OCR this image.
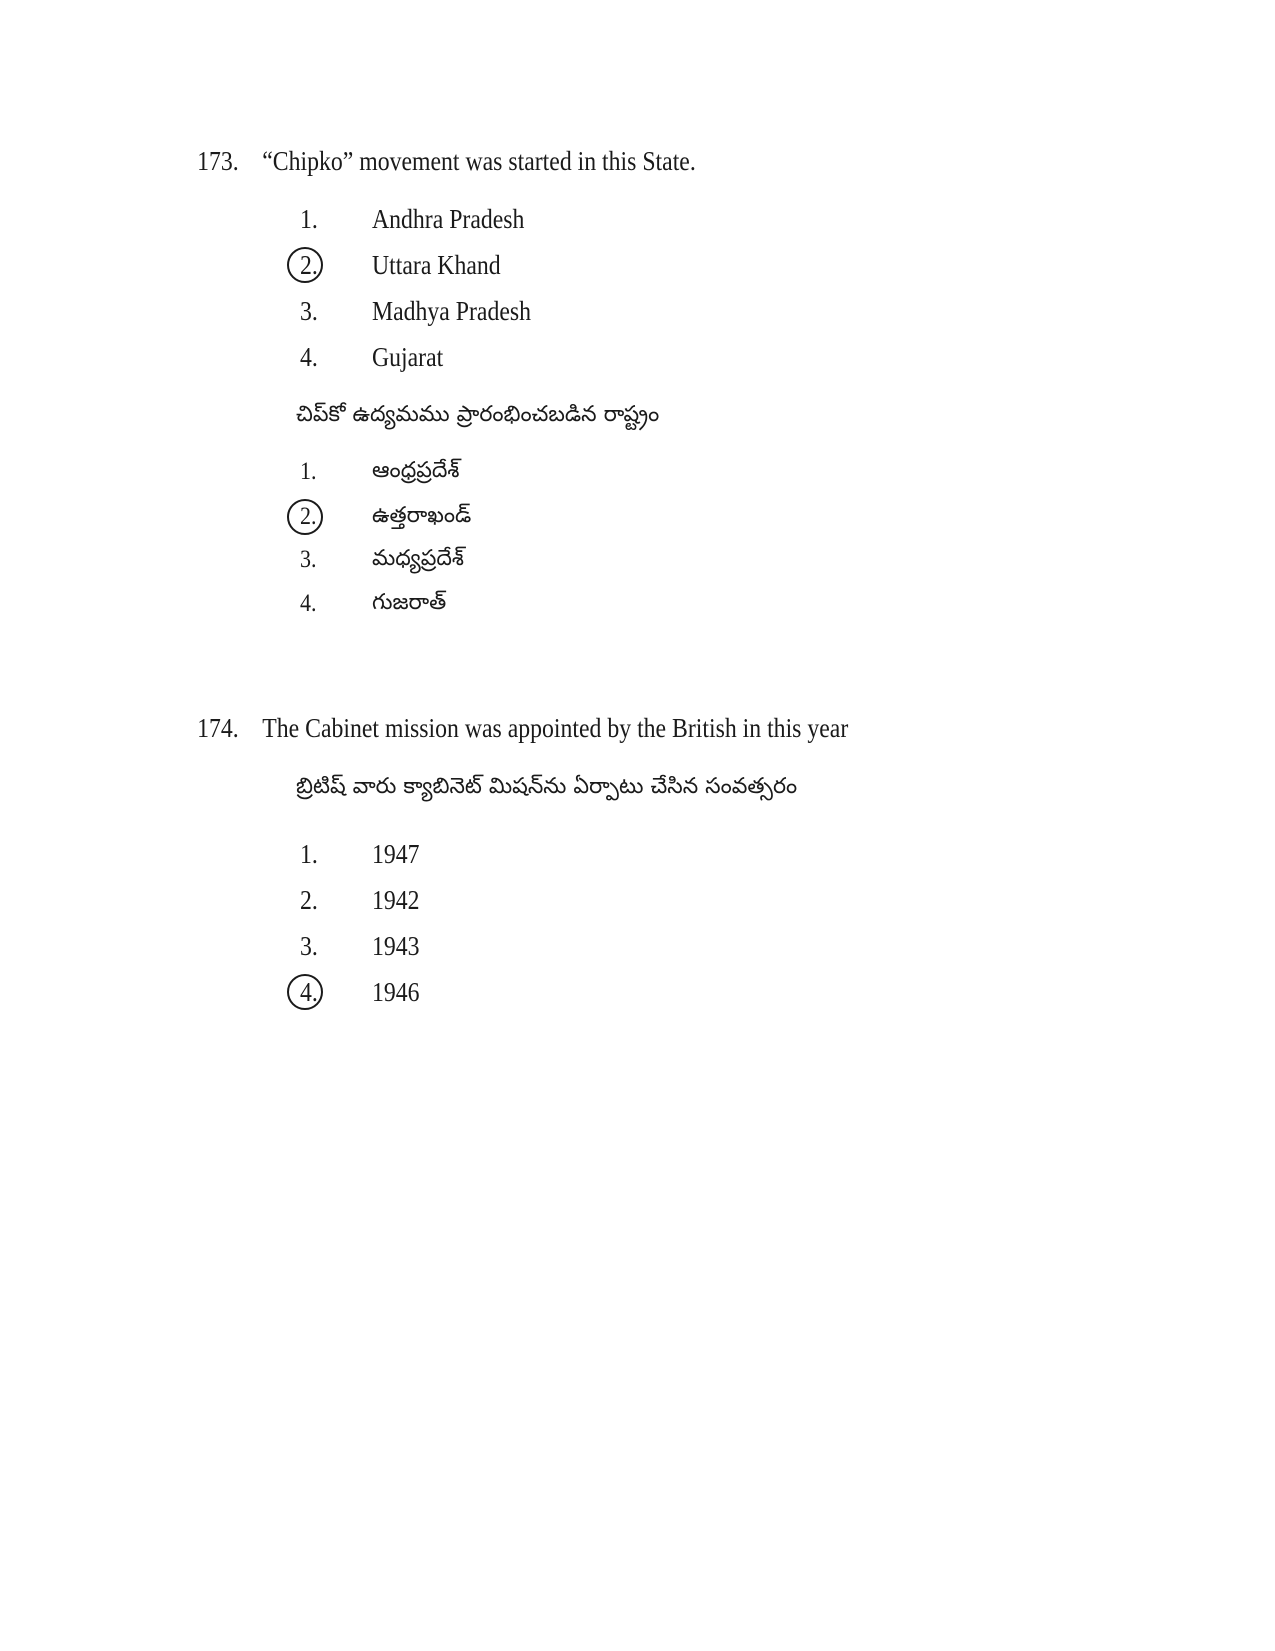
173. “Chipko” movement was started in this State.
1. Andhra Pradesh
2. Uttara Khand
3. Madhya Pradesh
4. Gujarat
చిప్‌కో ఉద్యమము ప్రారంభించబడిన రాష్ట్రం
1.	ఆంధ్రప్రదేశ్
2.	ఉత్తరాఖండ్
3.	మధ్యప్రదేశ్
4.	గుజరాత్
174. The Cabinet mission was appointed by the British in this year
బ్రిటిష్ వారు క్యాబినెట్ మిషన్‌ను ఏర్పాటు చేసిన సంవత్సరం
1. 1947
2. 1942
3. 1943
4. 1946
